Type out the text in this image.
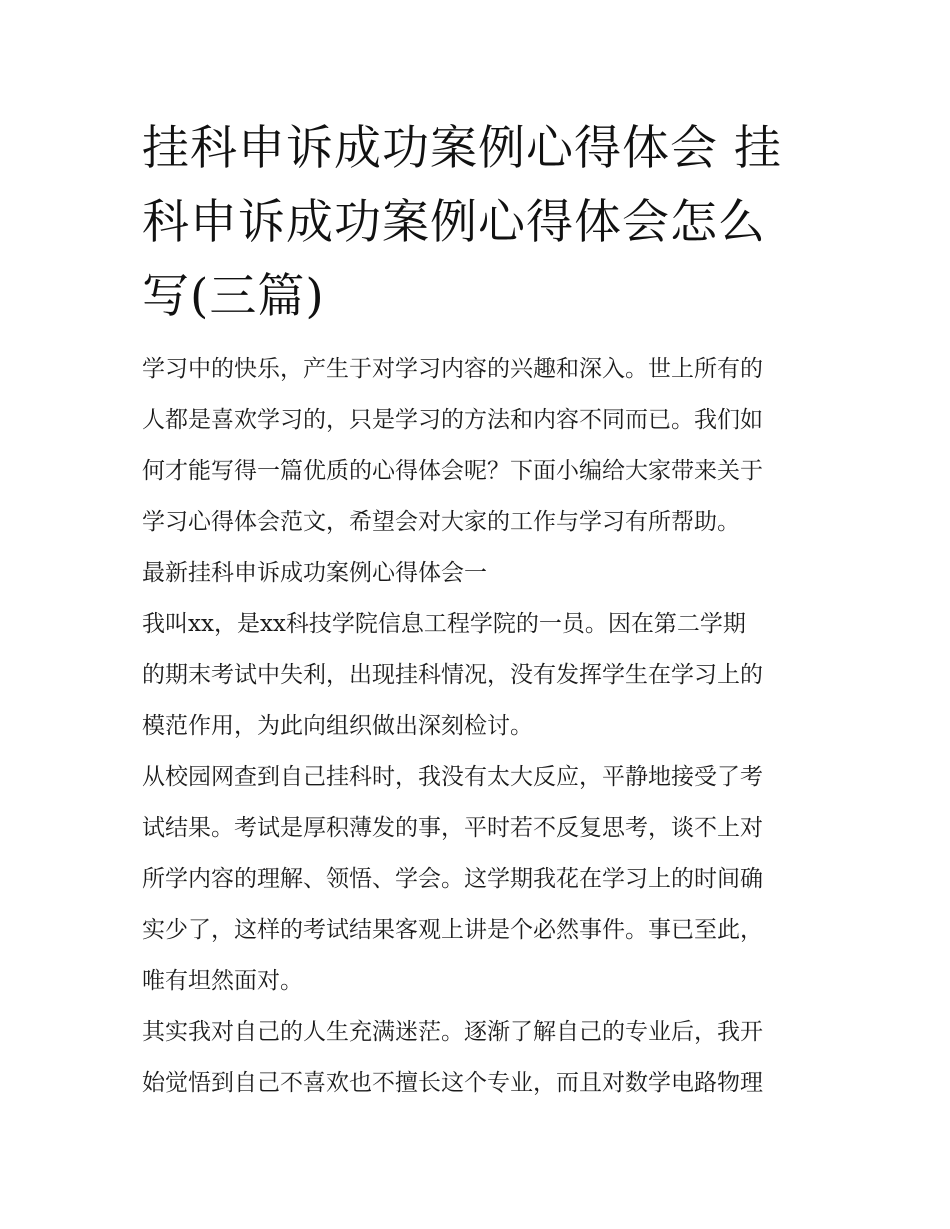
挂科申诉成功案例心得体会 挂
科申诉成功案例心得体会怎么
写(三篇)

学习中的快乐，产生于对学习内容的兴趣和深入。世上所有的
人都是喜欢学习的，只是学习的方法和内容不同而已。我们如
何才能写得一篇优质的心得体会呢？下面小编给大家带来关于
学习心得体会范文，希望会对大家的工作与学习有所帮助。

最新挂科申诉成功案例心得体会一

我叫xx，是xx科技学院信息工程学院的一员。因在第二学期
的期末考试中失利，出现挂科情况，没有发挥学生在学习上的
模范作用，为此向组织做出深刻检讨。

从校园网查到自己挂科时，我没有太大反应，平静地接受了考
试结果。考试是厚积薄发的事，平时若不反复思考，谈不上对
所学内容的理解、领悟、学会。这学期我花在学习上的时间确
实少了，这样的考试结果客观上讲是个必然事件。事已至此，
唯有坦然面对。

其实我对自己的人生充满迷茫。逐渐了解自己的专业后，我开
始觉悟到自己不喜欢也不擅长这个专业，而且对数学电路物理
